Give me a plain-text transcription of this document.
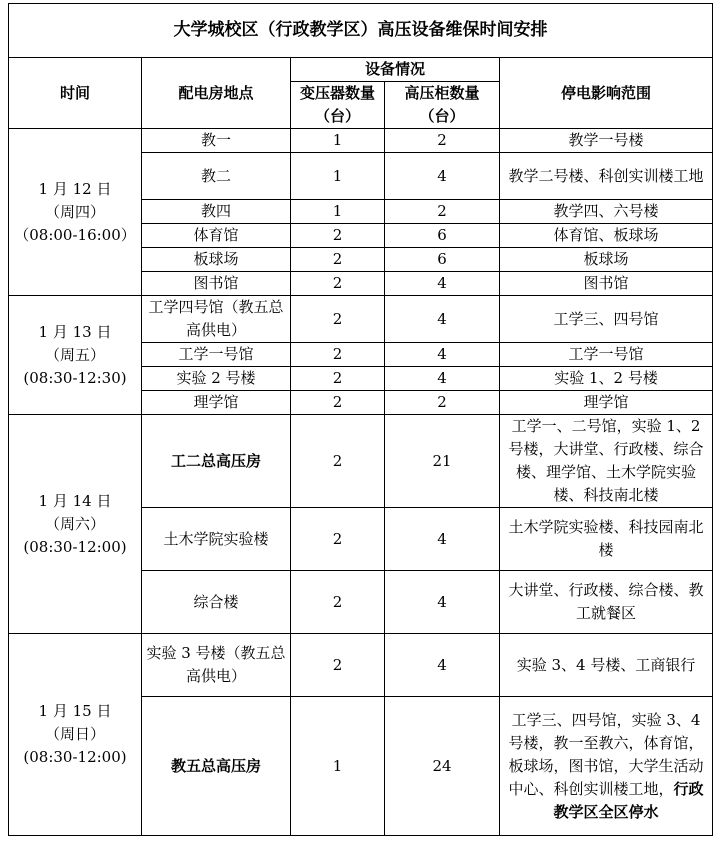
大学城校区（行政教学区）高压设备维保时间安排				
时间	配电房地点	设备情况		停电影响范围
		变压器数量（台）	高压柜数量（台）	

1 月 12 日
（周四）
（08:00-16:00）	教一	1	2	教学一号楼
	教二	1	4	教学二号楼、科创实训楼工地
	教四	1	2	教学四、六号楼
	体育馆	2	6	体育馆、板球场
	板球场	2	6	板球场
	图书馆	2	4	图书馆

1 月 13 日
（周五）
(08:30-12:30)	工学四号馆（教五总高供电）	2	4	工学三、四号馆
	工学一号馆	2	4	工学一号馆
	实验 2 号楼	2	4	实验 1、2 号楼
	理学馆	2	2	理学馆

1 月 14 日
（周六）
(08:30-12:00)	工二总高压房	2	21	工学一、二号馆，实验 1、2 号楼，大讲堂、行政楼、综合楼、理学馆、土木学院实验楼、科技南北楼
	土木学院实验楼	2	4	土木学院实验楼、科技园南北楼
	综合楼	2	4	大讲堂、行政楼、综合楼、教工就餐区

1 月 15 日
（周日）
(08:30-12:00)	实验 3 号楼（教五总高供电）	2	4	实验 3、4 号楼、工商银行
	教五总高压房	1	24	工学三、四号馆，实验 3、4 号楼，教一至教六，体育馆，板球场，图书馆，大学生活动中心、科创实训楼工地，行政教学区全区停水
